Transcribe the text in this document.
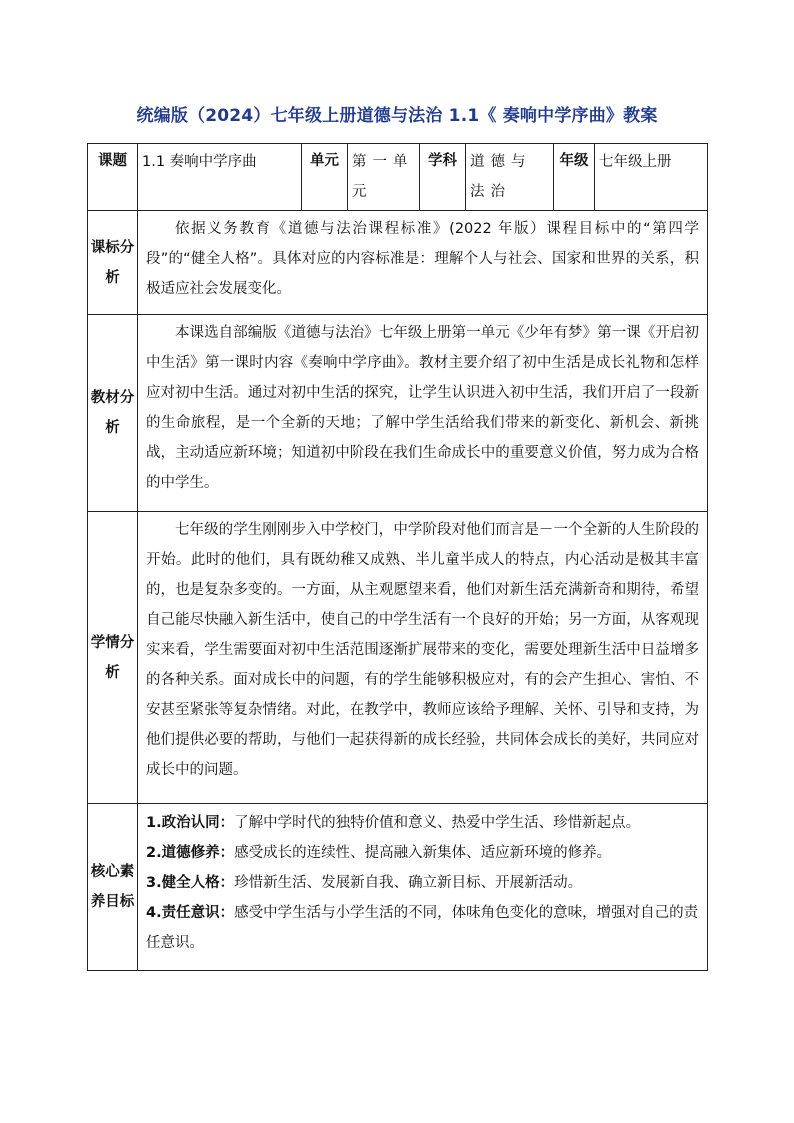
统编版（2024）七年级上册道德与法治 1.1《 奏响中学序曲》教案
课题	1.1 奏响中学序曲	单元	第一单元	学科	道德与法治	年级	七年级上册
课标分析	依据义务教育《道德与法治课程标准》(2022 年版）课程目标中的“第四学段”的“健全人格”。具体对应的内容标准是：理解个人与社会、国家和世界的关系，积极适应社会发展变化。						

教材分析	本课选自部编版《道德与法治》七年级上册第一单元《少年有梦》第一课《开启初中生活》第一课时内容《奏响中学序曲》。教材主要介绍了初中生活是成长礼物和怎样应对初中生活。通过对初中生活的探究，让学生认识进入初中生活，我们开启了一段新的生命旅程，是一个全新的天地；了解中学生活给我们带来的新变化、新机会、新挑战，主动适应新环境；知道初中阶段在我们生命成长中的重要意义价值，努力成为合格的中学生。						

学情分析	七年级的学生刚刚步入中学校门，中学阶段对他们而言是－一个全新的人生阶段的开始。此时的他们，具有既幼稚又成熟、半儿童半成人的特点，内心活动是极其丰富的，也是复杂多变的。一方面，从主观愿望来看，他们对新生活充满新奇和期待，希望自己能尽快融入新生活中，使自己的中学生活有一个良好的开始；另一方面，从客观现实来看，学生需要面对初中生活范围逐渐扩展带来的变化，需要处理新生活中日益增多的各种关系。面对成长中的问题，有的学生能够积极应对，有的会产生担心、害怕、不安甚至紧张等复杂情绪。对此，在教学中，教师应该给予理解、关怀、引导和支持，为他们提供必要的帮助，与他们一起获得新的成长经验，共同体会成长的美好，共同应对成长中的问题。						

核心素养目标	1.政治认同：了解中学时代的独特价值和意义、热爱中学生活、珍惜新起点。

2.道德修养：感受成长的连续性、提高融入新集体、适应新环境的修养。

3.健全人格：珍惜新生活、发展新自我、确立新目标、开展新活动。

4.责任意识：感受中学生活与小学生活的不同，体味角色变化的意味，增强对自己的责任意识。						
